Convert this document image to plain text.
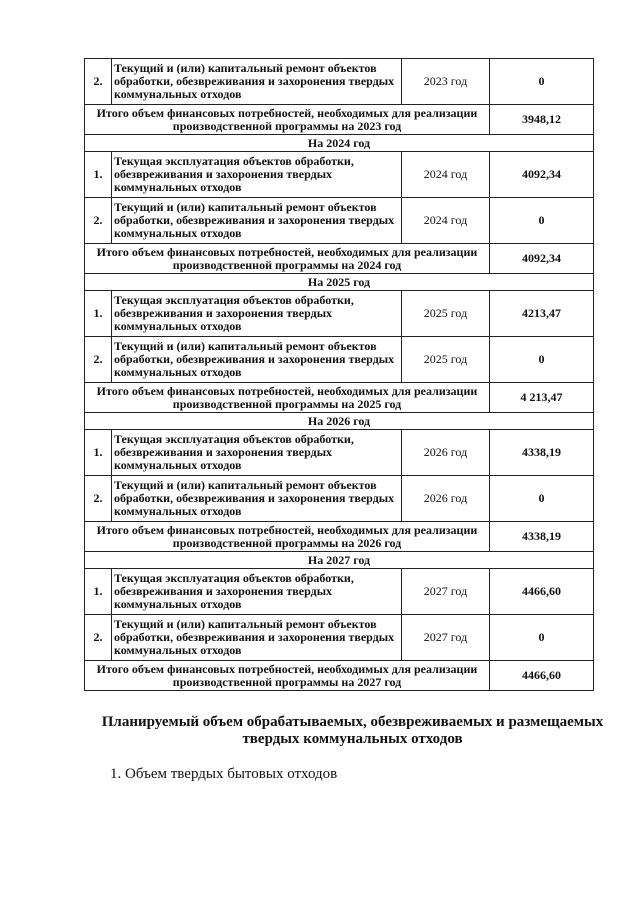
2.	Текущий и (или) капитальный ремонт объектов обработки, обезвреживания и захоронения твердых коммунальных отходов	2023 год	0
Итого объем финансовых потребностей, необходимых для реализации производственной программы на 2023 год			3948,12
На 2024 год			
1.	Текущая эксплуатация объектов обработки, обезвреживания и захоронения твердых коммунальных отходов	2024 год	4092,34
2.	Текущий и (или) капитальный ремонт объектов обработки, обезвреживания и захоронения твердых коммунальных отходов	2024 год	0
Итого объем финансовых потребностей, необходимых для реализации производственной программы на 2024 год			4092,34
На 2025 год			
1.	Текущая эксплуатация объектов обработки, обезвреживания и захоронения твердых коммунальных отходов	2025 год	4213,47
2.	Текущий и (или) капитальный ремонт объектов обработки, обезвреживания и захоронения твердых коммунальных отходов	2025 год	0
Итого объем финансовых потребностей, необходимых для реализации производственной программы на 2025 год			4 213,47
На 2026 год			
1.	Текущая эксплуатация объектов обработки, обезвреживания и захоронения твердых коммунальных отходов	2026 год	4338,19
2.	Текущий и (или) капитальный ремонт объектов обработки, обезвреживания и захоронения твердых коммунальных отходов	2026 год	0
Итого объем финансовых потребностей, необходимых для реализации производственной программы на 2026 год			4338,19
На 2027 год			
1.	Текущая эксплуатация объектов обработки, обезвреживания и захоронения твердых коммунальных отходов	2027 год	4466,60
2.	Текущий и (или) капитальный ремонт объектов обработки, обезвреживания и захоронения твердых коммунальных отходов	2027 год	0
Итого объем финансовых потребностей, необходимых для реализации производственной программы на 2027 год			4466,60
Планируемый объем обрабатываемых, обезвреживаемых и размещаемых твердых коммунальных отходов
1. Объем твердых бытовых отходов
